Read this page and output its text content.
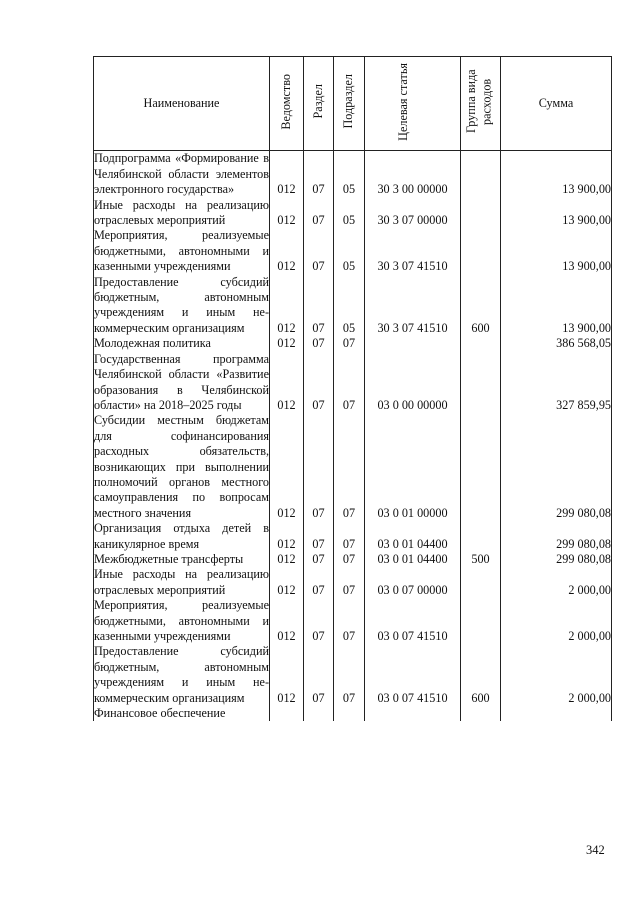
Наименование	Ведомство	Раздел	Подраздел	Целевая статья	Группа вида расходов	Сумма
Подпрограмма «Формирование в Челябинской области элементов электронного государства»	012	07	05	30 3 00 00000		13 900,00
Иные расходы на реализацию отраслевых мероприятий	012	07	05	30 3 07 00000		13 900,00
Мероприятия, реализуемые бюджетными, автономными и казенными учреждениями	012	07	05	30 3 07 41510		13 900,00
Предоставление субсидий бюджетным, автономным учреждениям и иным некоммерческим организациям	012	07	05	30 3 07 41510	600	13 900,00
Молодежная политика	012	07	07			386 568,05
Государственная программа Челябинской области «Развитие образования в Челябинской области» на 2018–2025 годы	012	07	07	03 0 00 00000		327 859,95
Субсидии местным бюджетам для софинансирования расходных обязательств, возникающих при выполнении полномочий органов местного самоуправления по вопросам местного значения	012	07	07	03 0 01 00000		299 080,08
Организация отдыха детей в каникулярное время	012	07	07	03 0 01 04400		299 080,08
Межбюджетные трансферты	012	07	07	03 0 01 04400	500	299 080,08
Иные расходы на реализацию отраслевых мероприятий	012	07	07	03 0 07 00000		2 000,00
Мероприятия, реализуемые бюджетными, автономными и казенными учреждениями	012	07	07	03 0 07 41510		2 000,00
Предоставление субсидий бюджетным, автономным учреждениям и иным некоммерческим организациям	012	07	07	03 0 07 41510	600	2 000,00
Финансовое обеспечение						
342
